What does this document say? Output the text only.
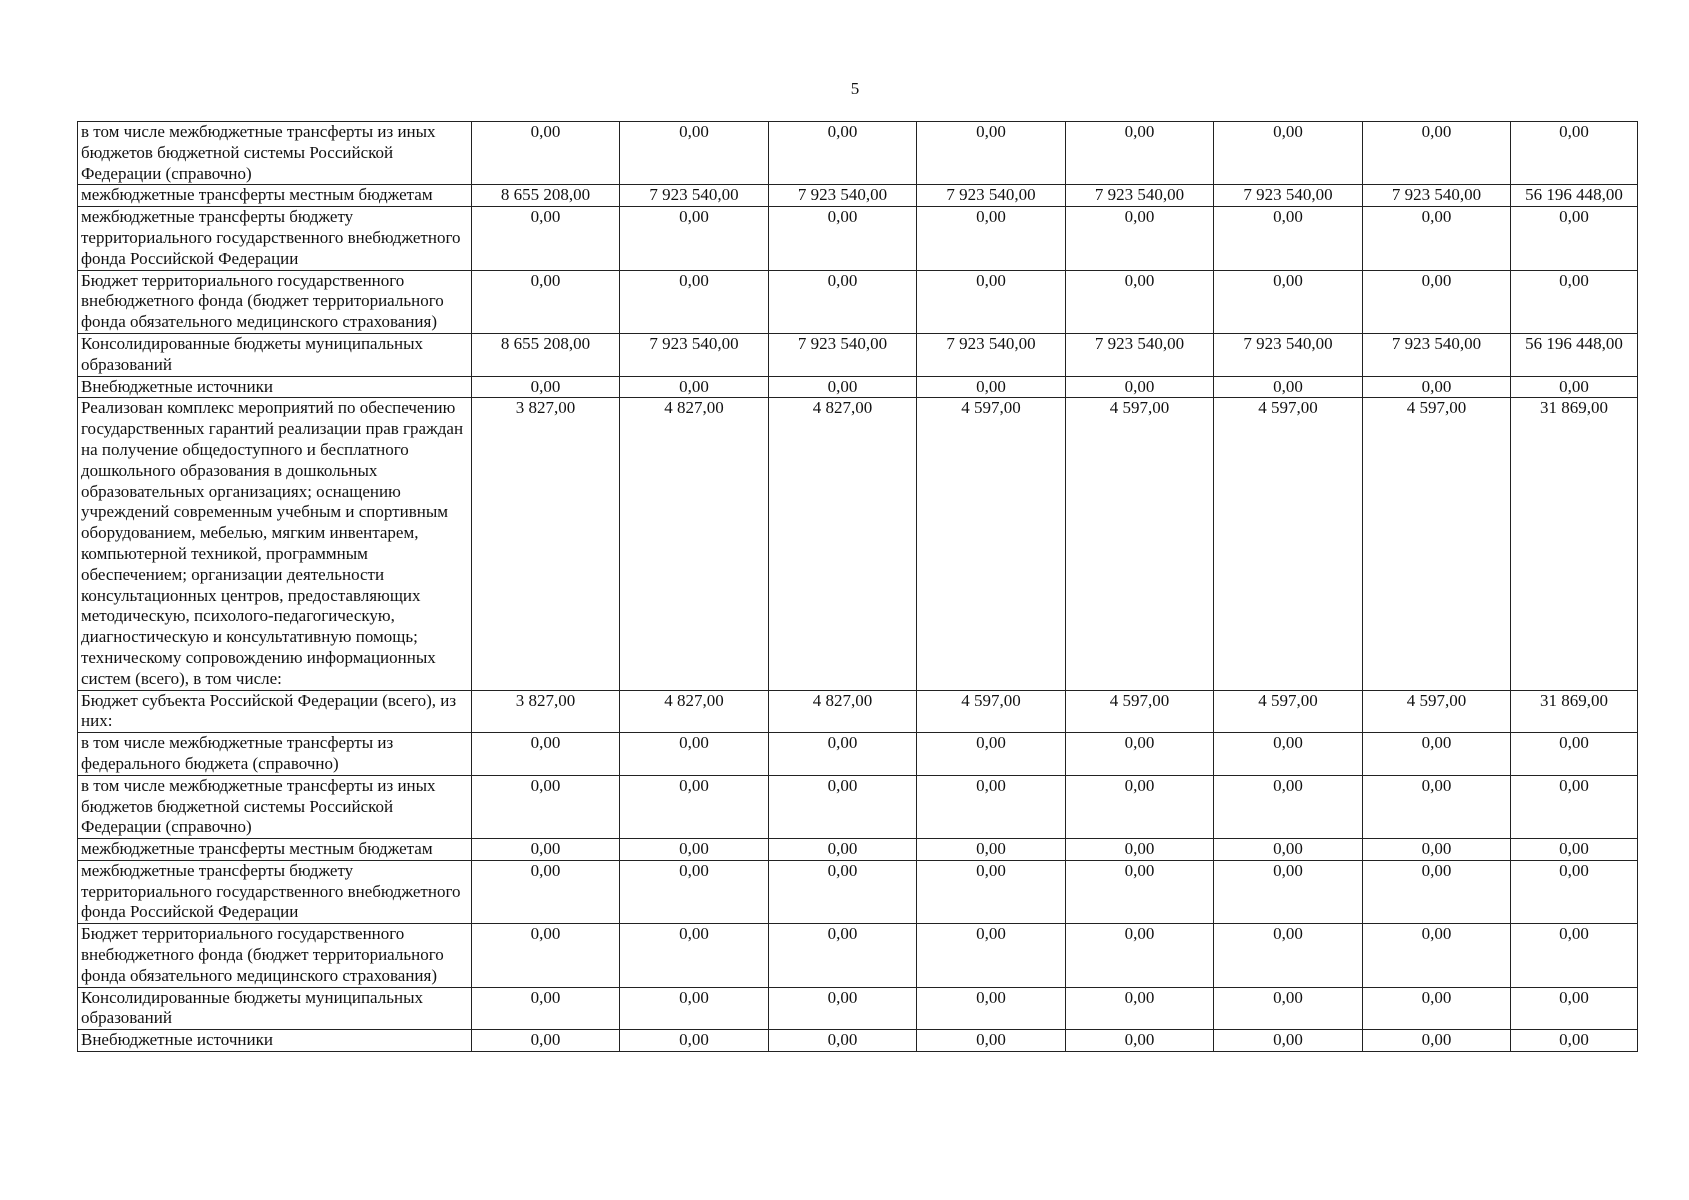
5
в том числе межбюджетные трансферты из иных бюджетов бюджетной системы Российской Федерации (справочно)	0,00	0,00	0,00	0,00	0,00	0,00	0,00	0,00
межбюджетные трансферты местным бюджетам	8 655 208,00	7 923 540,00	7 923 540,00	7 923 540,00	7 923 540,00	7 923 540,00	7 923 540,00	56 196 448,00
межбюджетные трансферты бюджету территориального государственного внебюджетного фонда Российской Федерации	0,00	0,00	0,00	0,00	0,00	0,00	0,00	0,00
Бюджет территориального государственного внебюджетного фонда (бюджет территориального фонда обязательного медицинского страхования)	0,00	0,00	0,00	0,00	0,00	0,00	0,00	0,00
Консолидированные бюджеты муниципальных образований	8 655 208,00	7 923 540,00	7 923 540,00	7 923 540,00	7 923 540,00	7 923 540,00	7 923 540,00	56 196 448,00
Внебюджетные источники	0,00	0,00	0,00	0,00	0,00	0,00	0,00	0,00
Реализован комплекс мероприятий по обеспечению государственных гарантий реализации прав граждан на получение общедоступного и бесплатного дошкольного образования в дошкольных образовательных организациях; оснащению учреждений современным учебным и спортивным оборудованием, мебелью, мягким инвентарем, компьютерной техникой, программным обеспечением; организации деятельности консультационных центров, предоставляющих методическую, психолого-педагогическую, диагностическую и консультативную помощь; техническому сопровождению информационных систем (всего), в том числе:	3 827,00	4 827,00	4 827,00	4 597,00	4 597,00	4 597,00	4 597,00	31 869,00
Бюджет субъекта Российской Федерации (всего), из них:	3 827,00	4 827,00	4 827,00	4 597,00	4 597,00	4 597,00	4 597,00	31 869,00
в том числе межбюджетные трансферты из федерального бюджета (справочно)	0,00	0,00	0,00	0,00	0,00	0,00	0,00	0,00
в том числе межбюджетные трансферты из иных бюджетов бюджетной системы Российской Федерации (справочно)	0,00	0,00	0,00	0,00	0,00	0,00	0,00	0,00
межбюджетные трансферты местным бюджетам	0,00	0,00	0,00	0,00	0,00	0,00	0,00	0,00
межбюджетные трансферты бюджету территориального государственного внебюджетного фонда Российской Федерации	0,00	0,00	0,00	0,00	0,00	0,00	0,00	0,00
Бюджет территориального государственного внебюджетного фонда (бюджет территориального фонда обязательного медицинского страхования)	0,00	0,00	0,00	0,00	0,00	0,00	0,00	0,00
Консолидированные бюджеты муниципальных образований	0,00	0,00	0,00	0,00	0,00	0,00	0,00	0,00
Внебюджетные источники	0,00	0,00	0,00	0,00	0,00	0,00	0,00	0,00
